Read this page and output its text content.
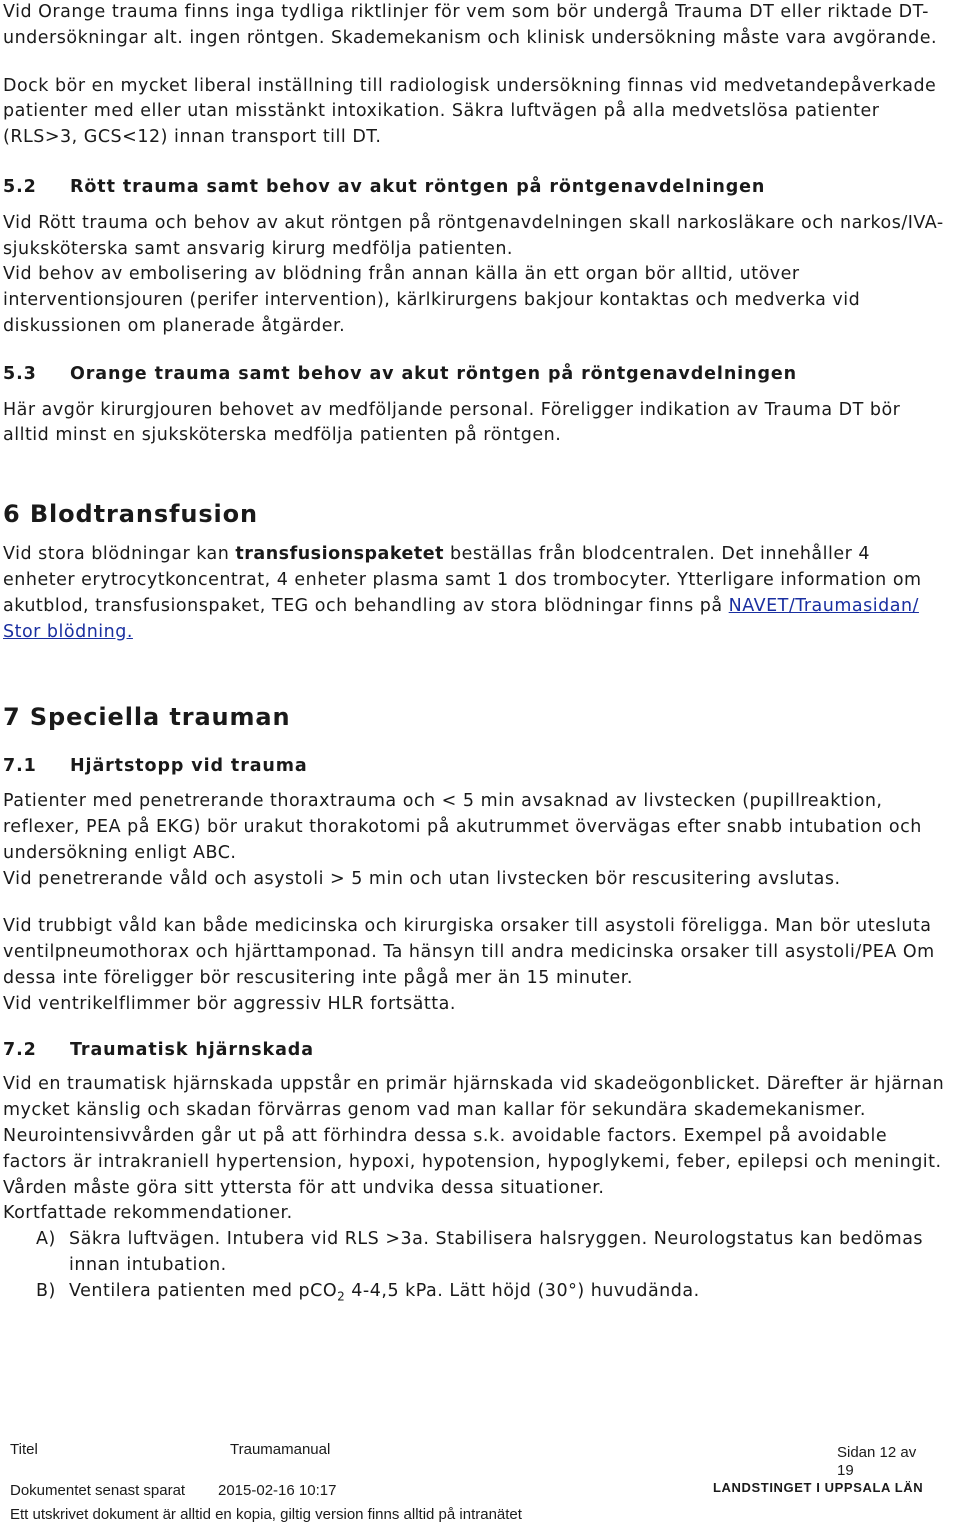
Vid Orange trauma finns inga tydliga riktlinjer för vem som bör undergå Trauma DT eller riktade DT-undersökningar alt. ingen röntgen. Skademekanism och klinisk undersökning måste vara avgörande.

Dock bör en mycket liberal inställning till radiologisk undersökning finnas vid medvetandepåverkade patienter med eller utan misstänkt intoxikation. Säkra luftvägen på alla medvetslösa patienter (RLS>3, GCS<12) innan transport till DT.

5.2	Rött trauma samt behov av akut röntgen på röntgenavdelningen

Vid Rött trauma och behov av akut röntgen på röntgenavdelningen skall narkosläkare och narkos/IVA-sjuksköterska samt ansvarig kirurg medfölja patienten.

Vid behov av embolisering av blödning från annan källa än ett organ bör alltid, utöver interventionsjouren (perifer intervention), kärlkirurgens bakjour kontaktas och medverka vid diskussionen om planerade åtgärder.

5.3	Orange trauma samt behov av akut röntgen på röntgenavdelningen

Här avgör kirurgjouren behovet av medföljande personal. Föreligger indikation av Trauma DT bör alltid minst en sjuksköterska medfölja patienten på röntgen.

6 Blodtransfusion

Vid stora blödningar kan transfusionspaketet beställas från blodcentralen. Det innehåller 4 enheter erytrocytkoncentrat, 4 enheter plasma samt 1 dos trombocyter. Ytterligare information om akutblod, transfusionspaket, TEG och behandling av stora blödningar finns på NAVET/Traumasidan/ Stor blödning.

7 Speciella trauman
7.1	Hjärtstopp vid trauma

Patienter med penetrerande thoraxtrauma och < 5 min avsaknad av livstecken (pupillreaktion, reflexer, PEA på EKG) bör urakut thorakotomi på akutrummet övervägas efter snabb intubation och undersökning enligt ABC.

Vid penetrerande våld och asystoli > 5 min och utan livstecken bör rescusitering avslutas.

Vid trubbigt våld kan både medicinska och kirurgiska orsaker till asystoli föreligga. Man bör utesluta ventilpneumothorax och hjärttamponad. Ta hänsyn till andra medicinska orsaker till asystoli/PEA Om dessa inte föreligger bör rescusitering inte pågå mer än 15 minuter.

Vid ventrikelflimmer bör aggressiv HLR fortsätta.

7.2	Traumatisk hjärnskada

Vid en traumatisk hjärnskada uppstår en primär hjärnskada vid skadeögonblicket. Därefter är hjärnan mycket känslig och skadan förvärras genom vad man kallar för sekundära skademekanismer. Neurointensivvården går ut på att förhindra dessa s.k. avoidable factors. Exempel på avoidable factors är intrakraniell hypertension, hypoxi, hypotension, hypoglykemi, feber, epilepsi och meningit. Vården måste göra sitt yttersta för att undvika dessa situationer.

Kortfattade rekommendationer.

A) Säkra luftvägen. Intubera vid RLS >3a. Stabilisera halsryggen. Neurologstatus kan bedömas innan intubation.
B) Ventilera patienten med pCO$_2$ 4-4,5 kPa. Lätt höjd (30°) huvudända.
Titel	Traumamanual	Sidan 12 av
19
Dokumentet senast sparat 2015-02-16 10:17	LANDSTINGET I UPPSALA LÄN
Ett utskrivet dokument är alltid en kopia, giltig version finns alltid på intranätet
